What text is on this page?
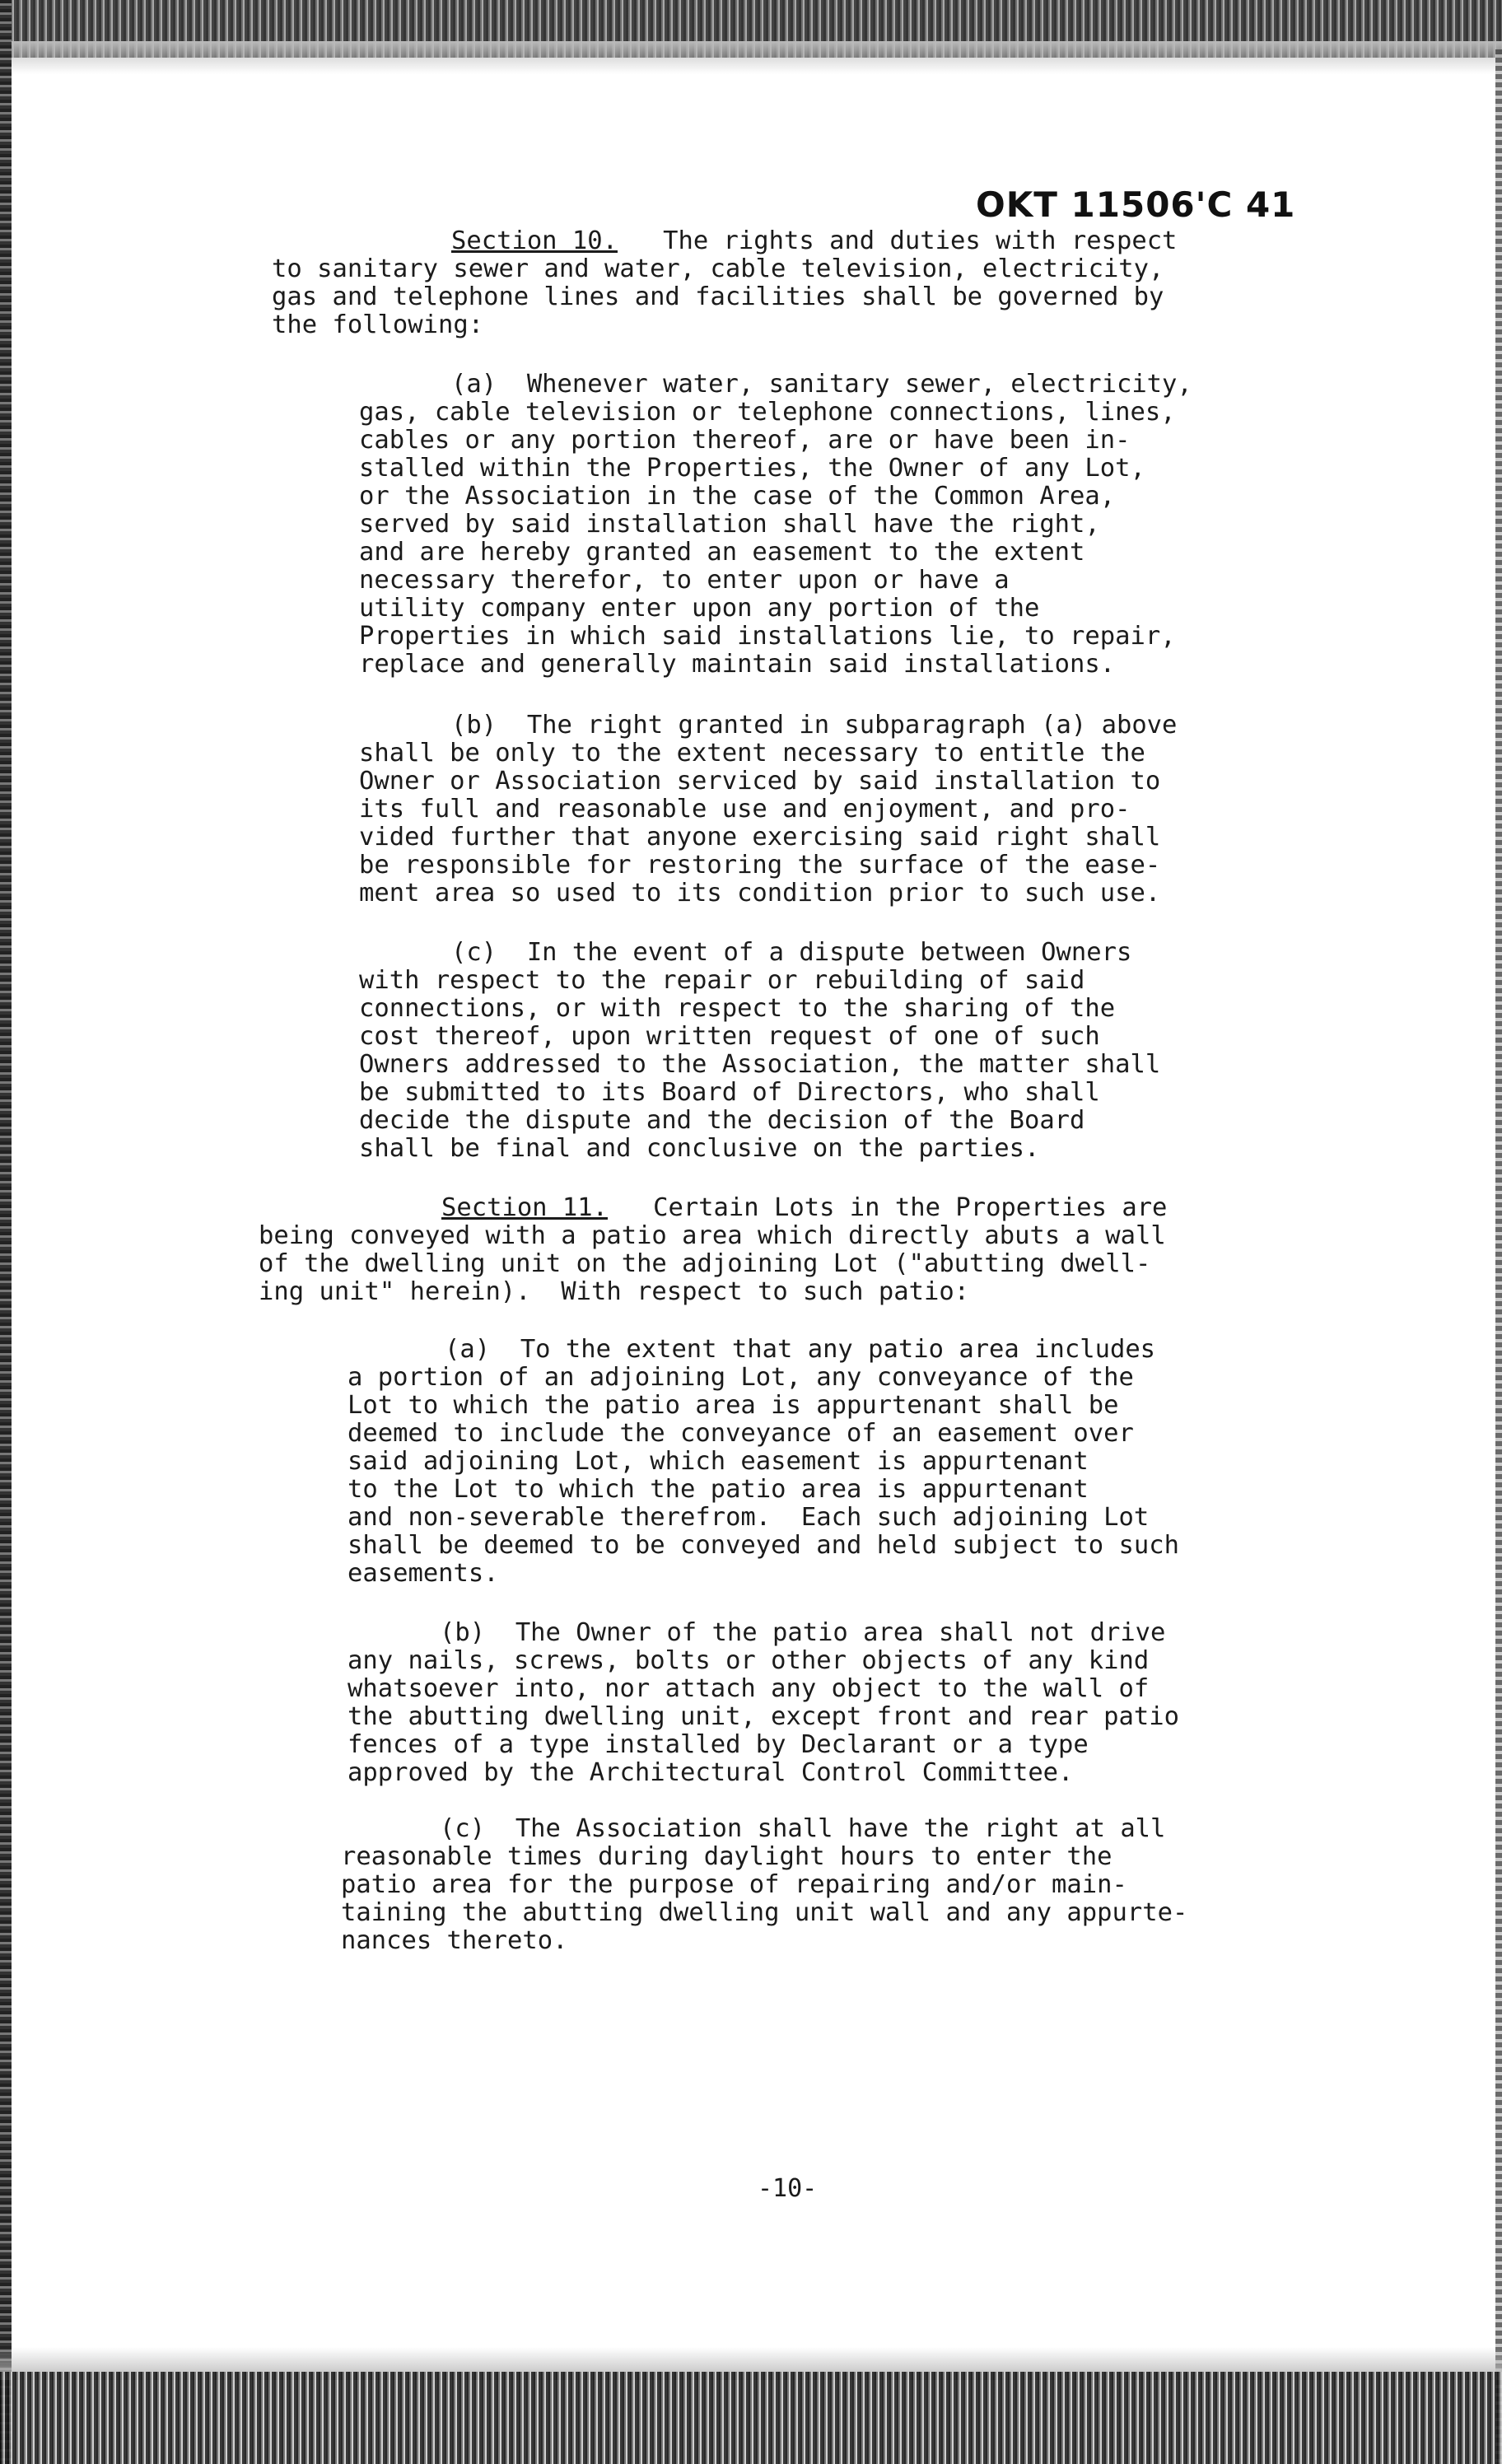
OKT 11506'C 41
Section 10. The rights and duties with respect
to sanitary sewer and water, cable television, electricity,
gas and telephone lines and facilities shall be governed by
the following:
(a)  Whenever water, sanitary sewer, electricity,
gas, cable television or telephone connections, lines,
cables or any portion thereof, are or have been in-
stalled within the Properties, the Owner of any Lot,
or the Association in the case of the Common Area,
served by said installation shall have the right,
and are hereby granted an easement to the extent
necessary therefor, to enter upon or have a
utility company enter upon any portion of the
Properties in which said installations lie, to repair,
replace and generally maintain said installations.
(b)  The right granted in subparagraph (a) above
shall be only to the extent necessary to entitle the
Owner or Association serviced by said installation to
its full and reasonable use and enjoyment, and pro-
vided further that anyone exercising said right shall
be responsible for restoring the surface of the ease-
ment area so used to its condition prior to such use.
(c)  In the event of a dispute between Owners
with respect to the repair or rebuilding of said
connections, or with respect to the sharing of the
cost thereof, upon written request of one of such
Owners addressed to the Association, the matter shall
be submitted to its Board of Directors, who shall
decide the dispute and the decision of the Board
shall be final and conclusive on the parties.
Section 11. Certain Lots in the Properties are
being conveyed with a patio area which directly abuts a wall
of the dwelling unit on the adjoining Lot ("abutting dwell-
ing unit" herein).  With respect to such patio:
(a)  To the extent that any patio area includes
a portion of an adjoining Lot, any conveyance of the
Lot to which the patio area is appurtenant shall be
deemed to include the conveyance of an easement over
said adjoining Lot, which easement is appurtenant
to the Lot to which the patio area is appurtenant
and non-severable therefrom.  Each such adjoining Lot
shall be deemed to be conveyed and held subject to such
easements.
(b)  The Owner of the patio area shall not drive
any nails, screws, bolts or other objects of any kind
whatsoever into, nor attach any object to the wall of
the abutting dwelling unit, except front and rear patio
fences of a type installed by Declarant or a type
approved by the Architectural Control Committee.
(c)  The Association shall have the right at all
reasonable times during daylight hours to enter the
patio area for the purpose of repairing and/or main-
taining the abutting dwelling unit wall and any appurte-
nances thereto.
-10-
